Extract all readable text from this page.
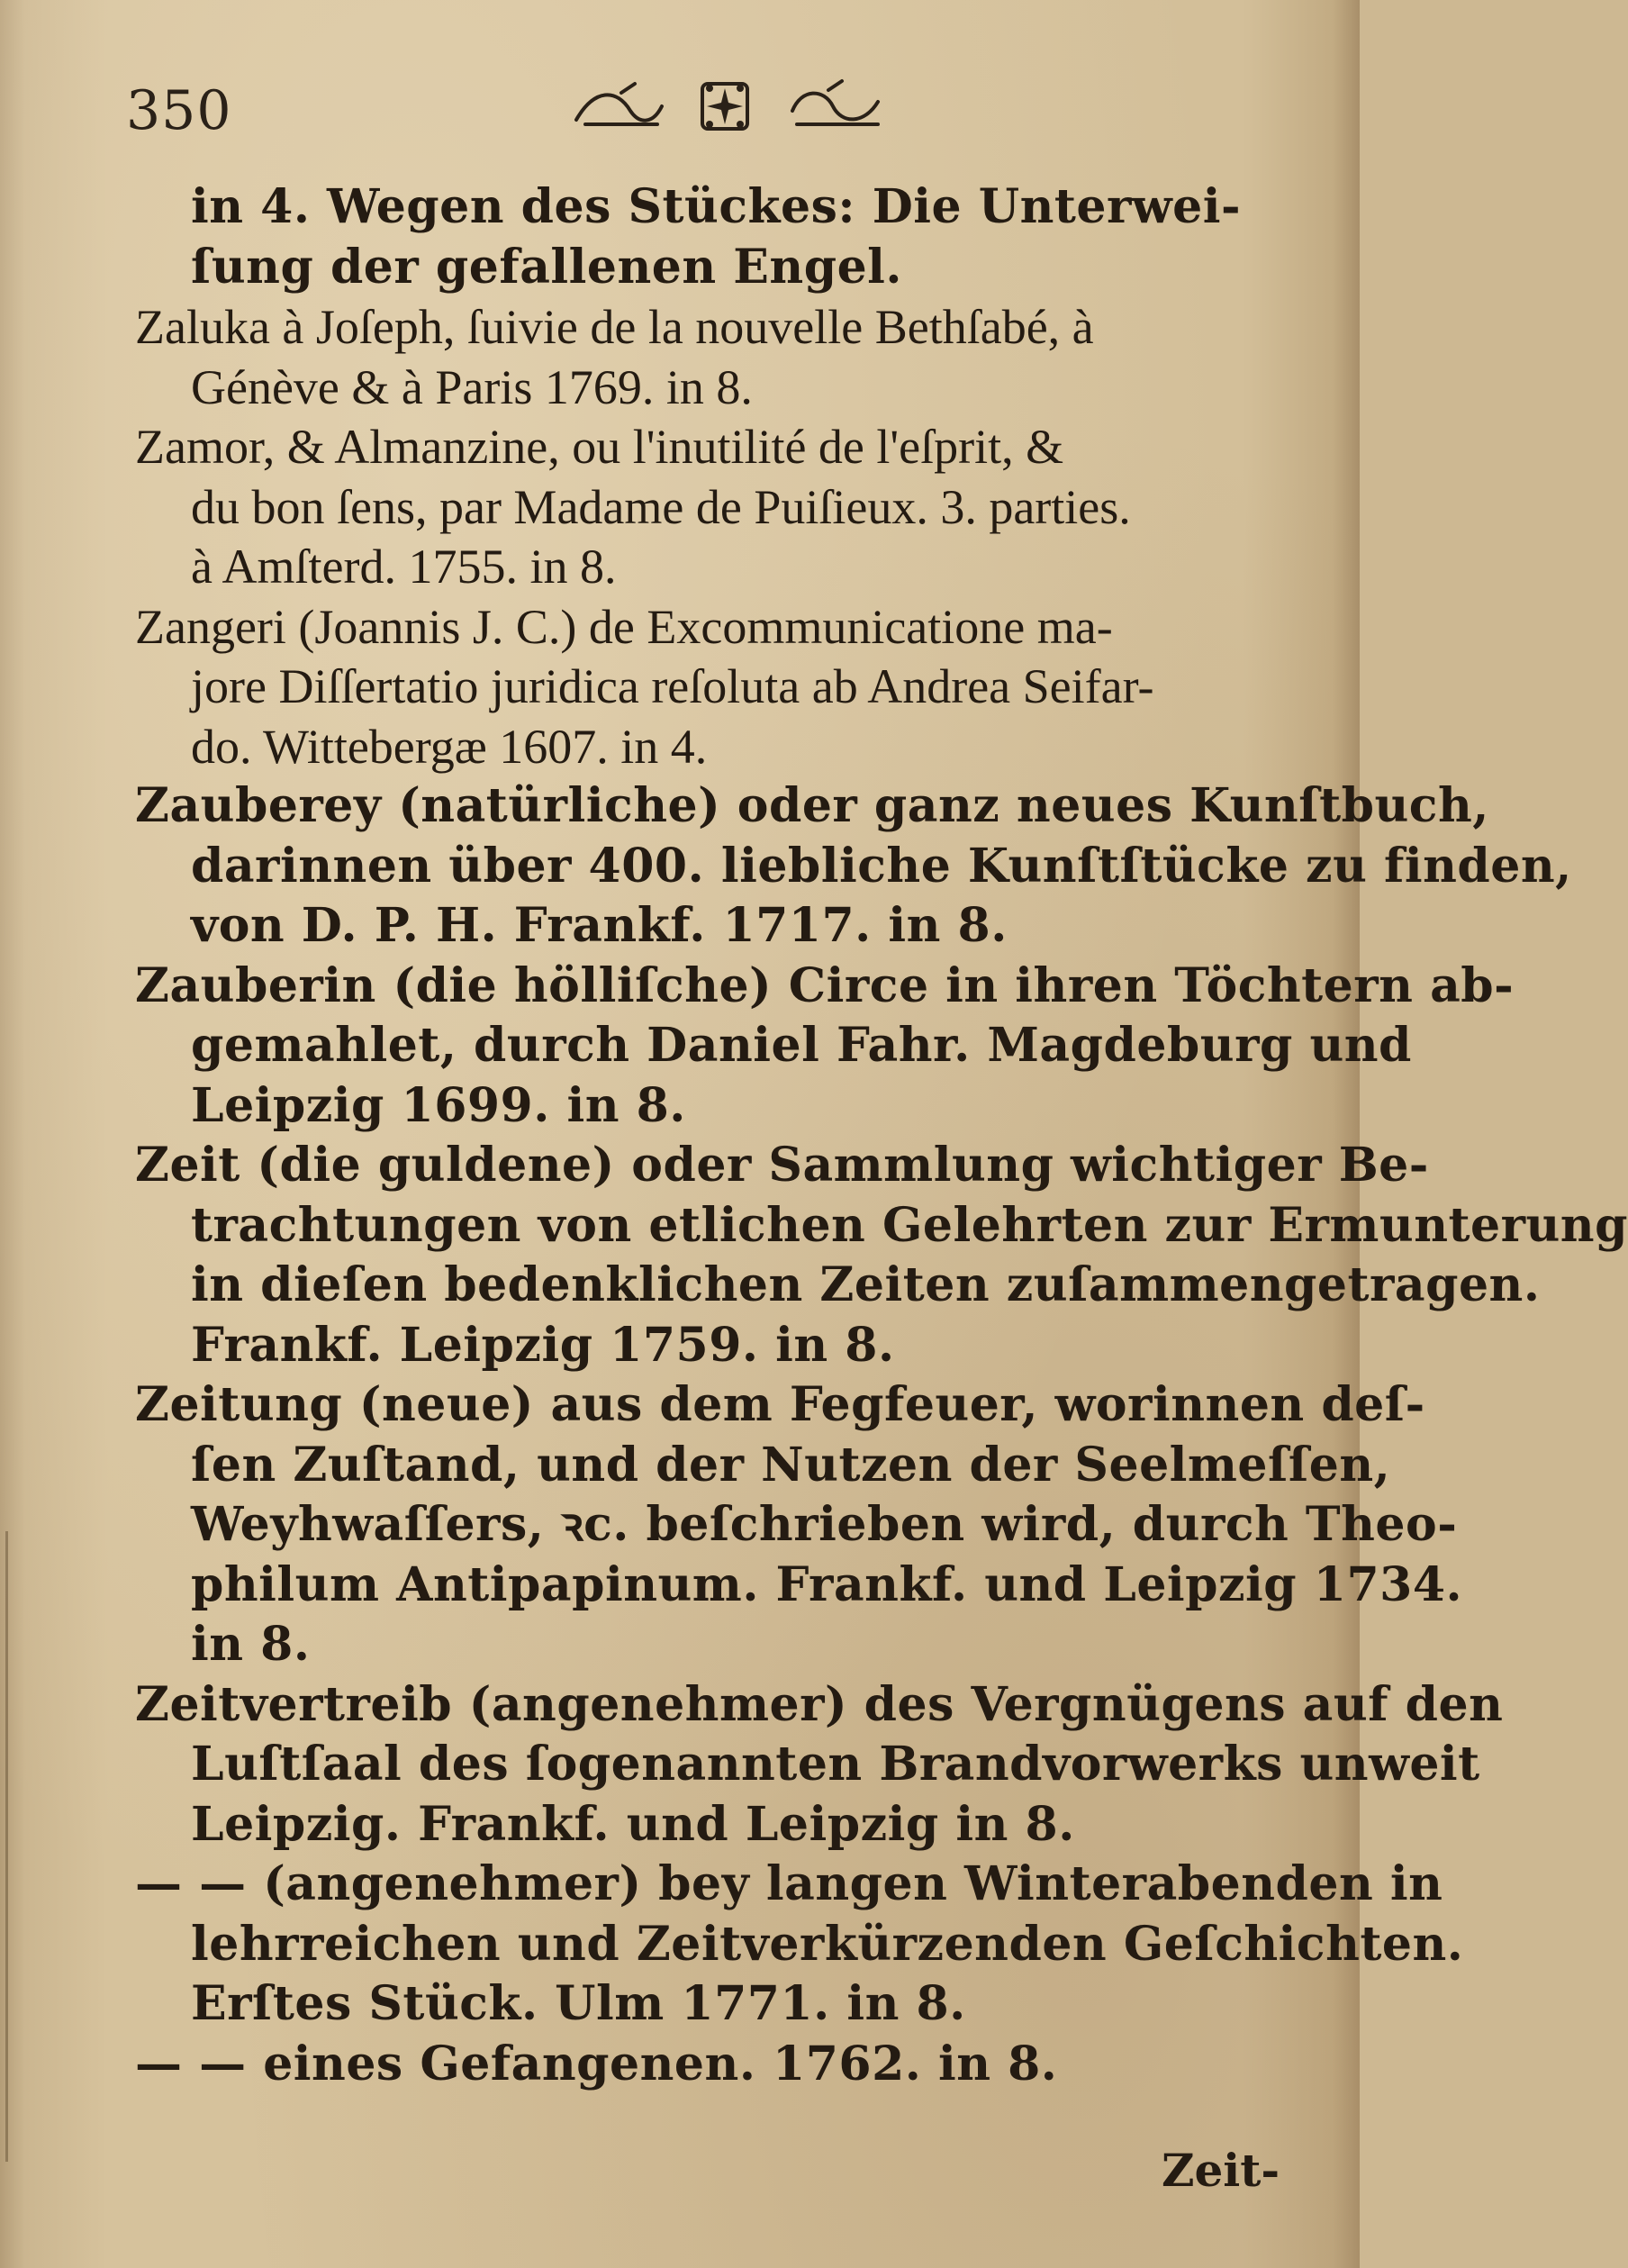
350
in 4. Wegen des Stückes: Die Unterwei-
ſung der gefallenen Engel.
Zaluka à Joſeph, ſuivie de la nouvelle Bethſabé, à
Génève & à Paris 1769. in 8.
Zamor, & Almanzine, ou l'inutilité de l'eſprit, &
du bon ſens, par Madame de Puiſieux. 3. parties.
à Amſterd. 1755. in 8.
Zangeri (Joannis J. C.) de Excommunicatione ma-
jore Diſſertatio juridica reſoluta ab Andrea Seifar-
do. Wittebergæ 1607. in 4.
Zauberey (natürliche) oder ganz neues Kunſtbuch,
darinnen über 400. liebliche Kunſtſtücke zu finden,
von D. P. H. Frankf. 1717. in 8.
Zauberin (die hölliſche) Circe in ihren Töchtern ab-
gemahlet, durch Daniel Fahr. Magdeburg und
Leipzig 1699. in 8.
Zeit (die guldene) oder Sammlung wichtiger Be-
trachtungen von etlichen Gelehrten zur Ermunterung
in dieſen bedenklichen Zeiten zuſammengetragen.
Frankf. Leipzig 1759. in 8.
Zeitung (neue) aus dem Fegfeuer, worinnen deſ-
ſen Zuſtand, und der Nutzen der Seelmeſſen,
Weyhwaſſers, ꝛc. beſchrieben wird, durch Theo-
philum Antipapinum. Frankf. und Leipzig 1734.
in 8.
Zeitvertreib (angenehmer) des Vergnügens auf den
Luſtſaal des ſogenannten Brandvorwerks unweit
Leipzig. Frankf. und Leipzig in 8.
— — (angenehmer) bey langen Winterabenden in
lehrreichen und Zeitverkürzenden Geſchichten.
Erſtes Stück. Ulm 1771. in 8.
— — eines Gefangenen. 1762. in 8.
Zeit-
